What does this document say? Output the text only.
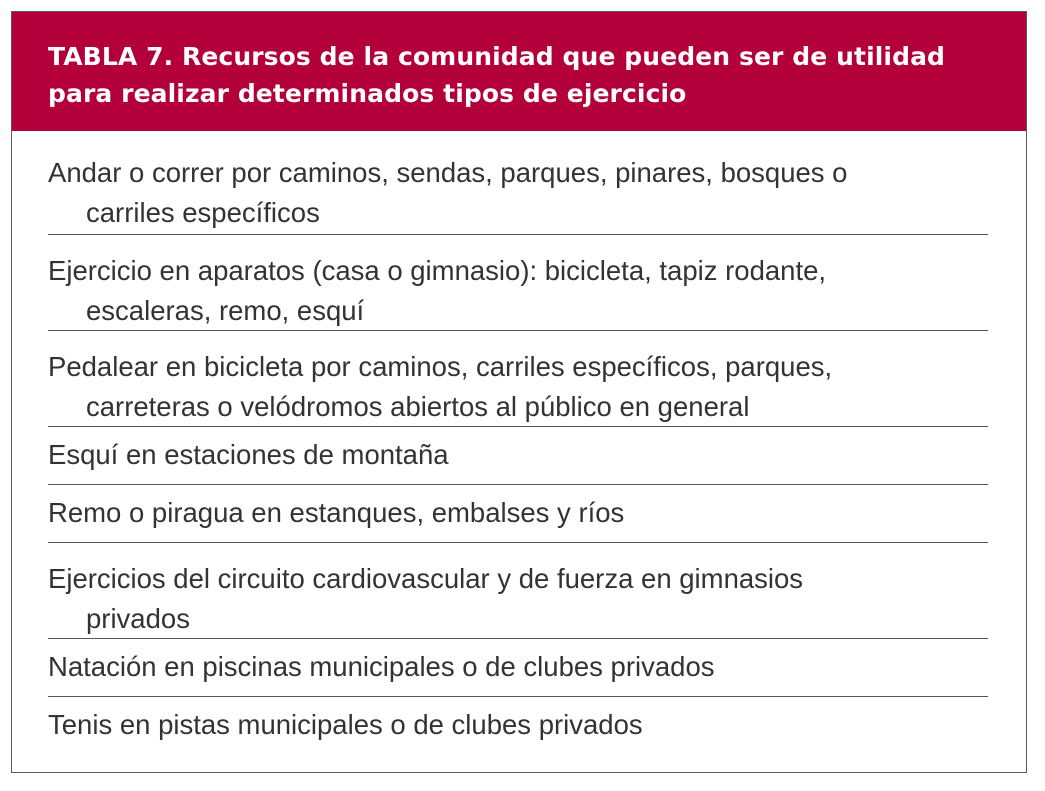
TABLA 7. Recursos de la comunidad que pueden ser de utilidad
para realizar determinados tipos de ejercicio
Andar o correr por caminos, sendas, parques, pinares, bosques o
carriles específicos
Ejercicio en aparatos (casa o gimnasio): bicicleta, tapiz rodante,
escaleras, remo, esquí
Pedalear en bicicleta por caminos, carriles específicos, parques,
carreteras o velódromos abiertos al público en general
Esquí en estaciones de montaña
Remo o piragua en estanques, embalses y ríos
Ejercicios del circuito cardiovascular y de fuerza en gimnasios
privados
Natación en piscinas municipales o de clubes privados
Tenis en pistas municipales o de clubes privados
